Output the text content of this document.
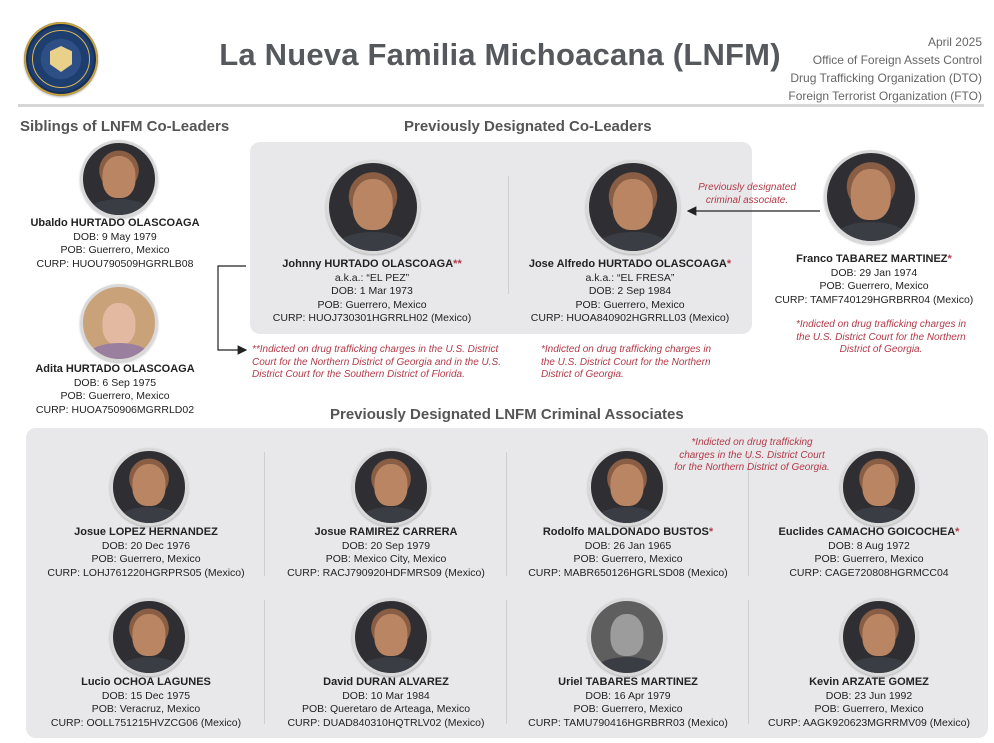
La Nueva Familia Michoacana (LNFM)	April 2025
Office of Foreign Assets Control
Drug Trafficking Organization (DTO)
Foreign Terrorist Organization (FTO)
Siblings of LNFM Co-Leaders	Previously Designated Co-Leaders
Previously Designated LNFM Criminal Associates
Ubaldo HURTADO OLASCOAGA
DOB: 9 May 1979
POB: Guerrero, Mexico
CURP: HUOU790509HGRRLB08
Adita HURTADO OLASCOAGA
DOB: 6 Sep 1975
POB: Guerrero, Mexico
CURP: HUOA750906MGRRLD02
Johnny HURTADO OLASCOAGA**
a.k.a.: “EL PEZ”
DOB: 1 Mar 1973
POB: Guerrero, Mexico
CURP: HUOJ730301HGRRLH02 (Mexico)
Jose Alfredo HURTADO OLASCOAGA*
a.k.a.: “EL FRESA”
DOB: 2 Sep 1984
POB: Guerrero, Mexico
CURP: HUOA840902HGRRLL03 (Mexico)
Franco TABAREZ MARTINEZ*
DOB: 29 Jan 1974
POB: Guerrero, Mexico
CURP: TAMF740129HGRBRR04 (Mexico)
*Indicted on drug trafficking charges in
the U.S. District Court for the Northern
District of Georgia.
Previously designated
criminal associate.
**Indicted on drug trafficking charges in the U.S. District
Court for the Northern District of Georgia and in the U.S.
District Court for the Southern District of Florida.
*Indicted on drug trafficking charges in
the U.S. District Court for the Northern
District of Georgia.
*Indicted on drug trafficking
charges in the U.S. District Court
for the Northern District of Georgia.
Josue LOPEZ HERNANDEZ
DOB: 20 Dec 1976
POB: Guerrero, Mexico
CURP: LOHJ761220HGRPRS05 (Mexico)
Josue RAMIREZ CARRERA
DOB: 20 Sep 1979
POB: Mexico City, Mexico
CURP: RACJ790920HDFMRS09 (Mexico)
Rodolfo MALDONADO BUSTOS*
DOB: 26 Jan 1965
POB: Guerrero, Mexico
CURP: MABR650126HGRLSD08 (Mexico)
Euclides CAMACHO GOICOCHEA*
DOB: 8 Aug 1972
POB: Guerrero, Mexico
CURP: CAGE720808HGRMCC04
Lucio OCHOA LAGUNES
DOB: 15 Dec 1975
POB: Veracruz, Mexico
CURP: OOLL751215HVZCG06 (Mexico)
David DURAN ALVAREZ
DOB: 10 Mar 1984
POB: Queretaro de Arteaga, Mexico
CURP: DUAD840310HQTRLV02 (Mexico)
Uriel TABARES MARTINEZ
DOB: 16 Apr 1979
POB: Guerrero, Mexico
CURP: TAMU790416HGRBRR03 (Mexico)
Kevin ARZATE GOMEZ
DOB: 23 Jun 1992
POB: Guerrero, Mexico
CURP: AAGK920623MGRRMV09 (Mexico)
